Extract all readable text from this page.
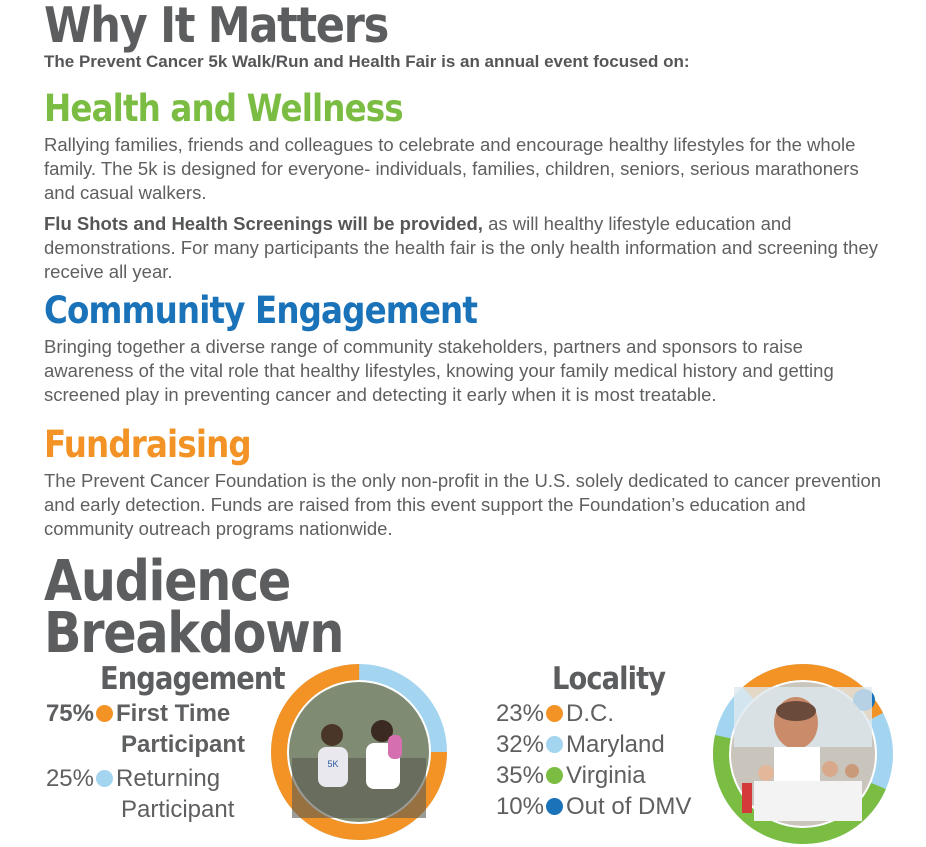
Why It Matters
The Prevent Cancer 5k Walk/Run and Health Fair is an annual event focused on:
Health and Wellness
Rallying families, friends and colleagues to celebrate and encourage healthy lifestyles for the whole family. The 5k is designed for everyone- individuals, families, children, seniors, serious marathoners and casual walkers.
Flu Shots and Health Screenings will be provided, as will healthy lifestyle education and demonstrations. For many participants the health fair is the only health information and screening they receive all year.
Community Engagement
Bringing together a diverse range of community stakeholders, partners and sponsors to raise awareness of the vital role that healthy lifestyles, knowing your family medical history and getting screened play in preventing cancer and detecting it early when it is most treatable.
Fundraising
The Prevent Cancer Foundation is the only non-profit in the U.S. solely dedicated to cancer prevention and early detection. Funds are raised from this event support the Foundation’s education and community outreach programs nationwide.
Audience
Breakdown
Engagement
75% First Time
Participant
25% Returning
Participant
5K
Locality
23% D.C.
32% Maryland
35% Virginia
10% Out of DMV
